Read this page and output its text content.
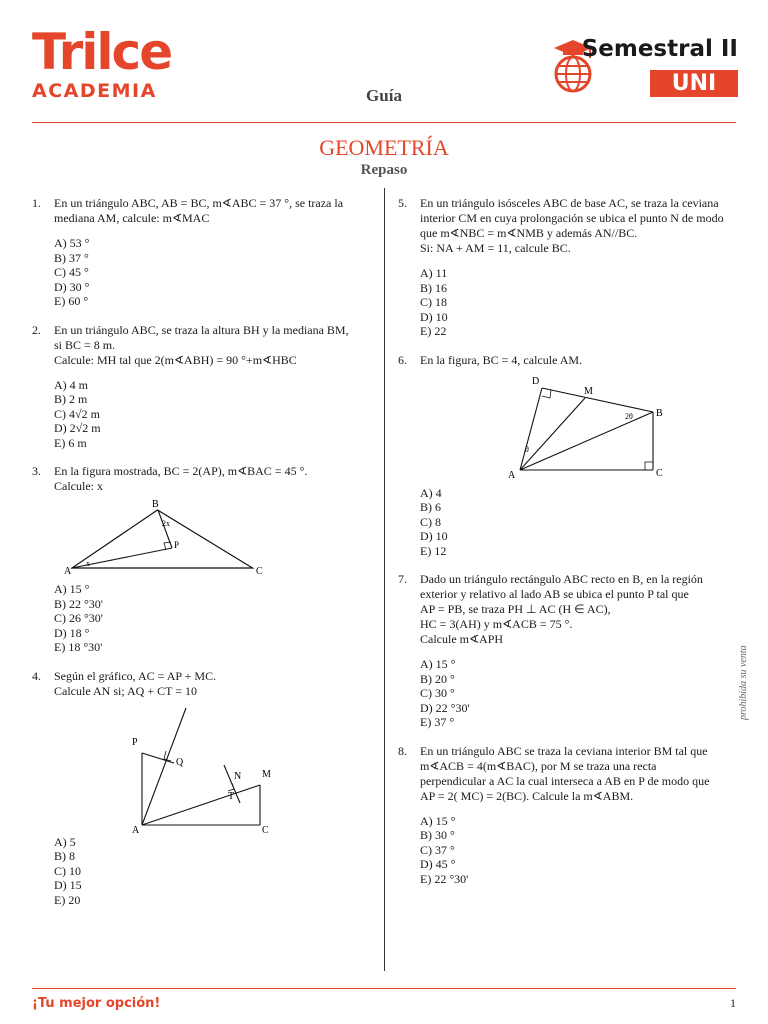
Trilce
ACADEMIA	Guía
Semestral II
UNI
GEOMETRÍA
Repaso
1. En un triángulo ABC, AB = BC, m∢ABC = 37 °, se traza la
mediana AM, calcule: m∢MAC
A) 53 °
B) 37 °
C) 45 °
D) 30 °
E) 60 °
2. En un triángulo ABC, se traza la altura BH y la mediana BM,
si BC = 8 m.
Calcule: MH tal que 2(m∢ABH) = 90 °+m∢HBC
A) 4 m
B) 2 m
C) 4√2 m
D) 2√2 m
E) 6 m
3. En la figura mostrada, BC = 2(AP), m∢BAC = 45 °.
Calcule: x
A
B
C
P
x
2x
A) 15 °
B) 22 °30'
C) 26 °30'
D) 18 °
E) 18 °30'
4. Según el gráfico, AC = AP + MC.
Calcule AN si; AQ + CT = 10
P
Q
N
T
M
A	C
A) 5
B) 8
C) 10
D) 15
E) 20
5. En un triángulo isósceles ABC de base AC, se traza la ceviana
interior CM en cuya prolongación se ubica el punto N de modo
que m∢NBC = m∢NMB y además AN//BC.
Si: NA + AM = 11, calcule BC.
A) 11
B) 16
C) 18
D) 10
E) 22
6. En la figura, BC = 4, calcule AM.
D
M
B
A	C
2θ
θ
A) 4
B) 6
C) 8
D) 10
E) 12
7. Dado un triángulo rectángulo ABC recto en B, en la región
exterior y relativo al lado AB se ubica el punto P tal que
AP = PB, se traza PH ⊥ AC (H ∈ AC),
HC = 3(AH) y m∢ACB = 75 °.
Calcule m∢APH
A) 15 °
B) 20 °
C) 30 °
D) 22 °30'
E) 37 °
8. En un triángulo ABC se traza la ceviana interior BM tal que
m∢ACB = 4(m∢BAC), por M se traza una recta
perpendicular a AC la cual interseca a AB en P de modo que
AP = 2( MC) = 2(BC). Calcule la m∢ABM.
A) 15 °
B) 30 °
C) 37 °
D) 45 °
E) 22 °30'
prohibida su venta
¡Tu mejor opción!	1
